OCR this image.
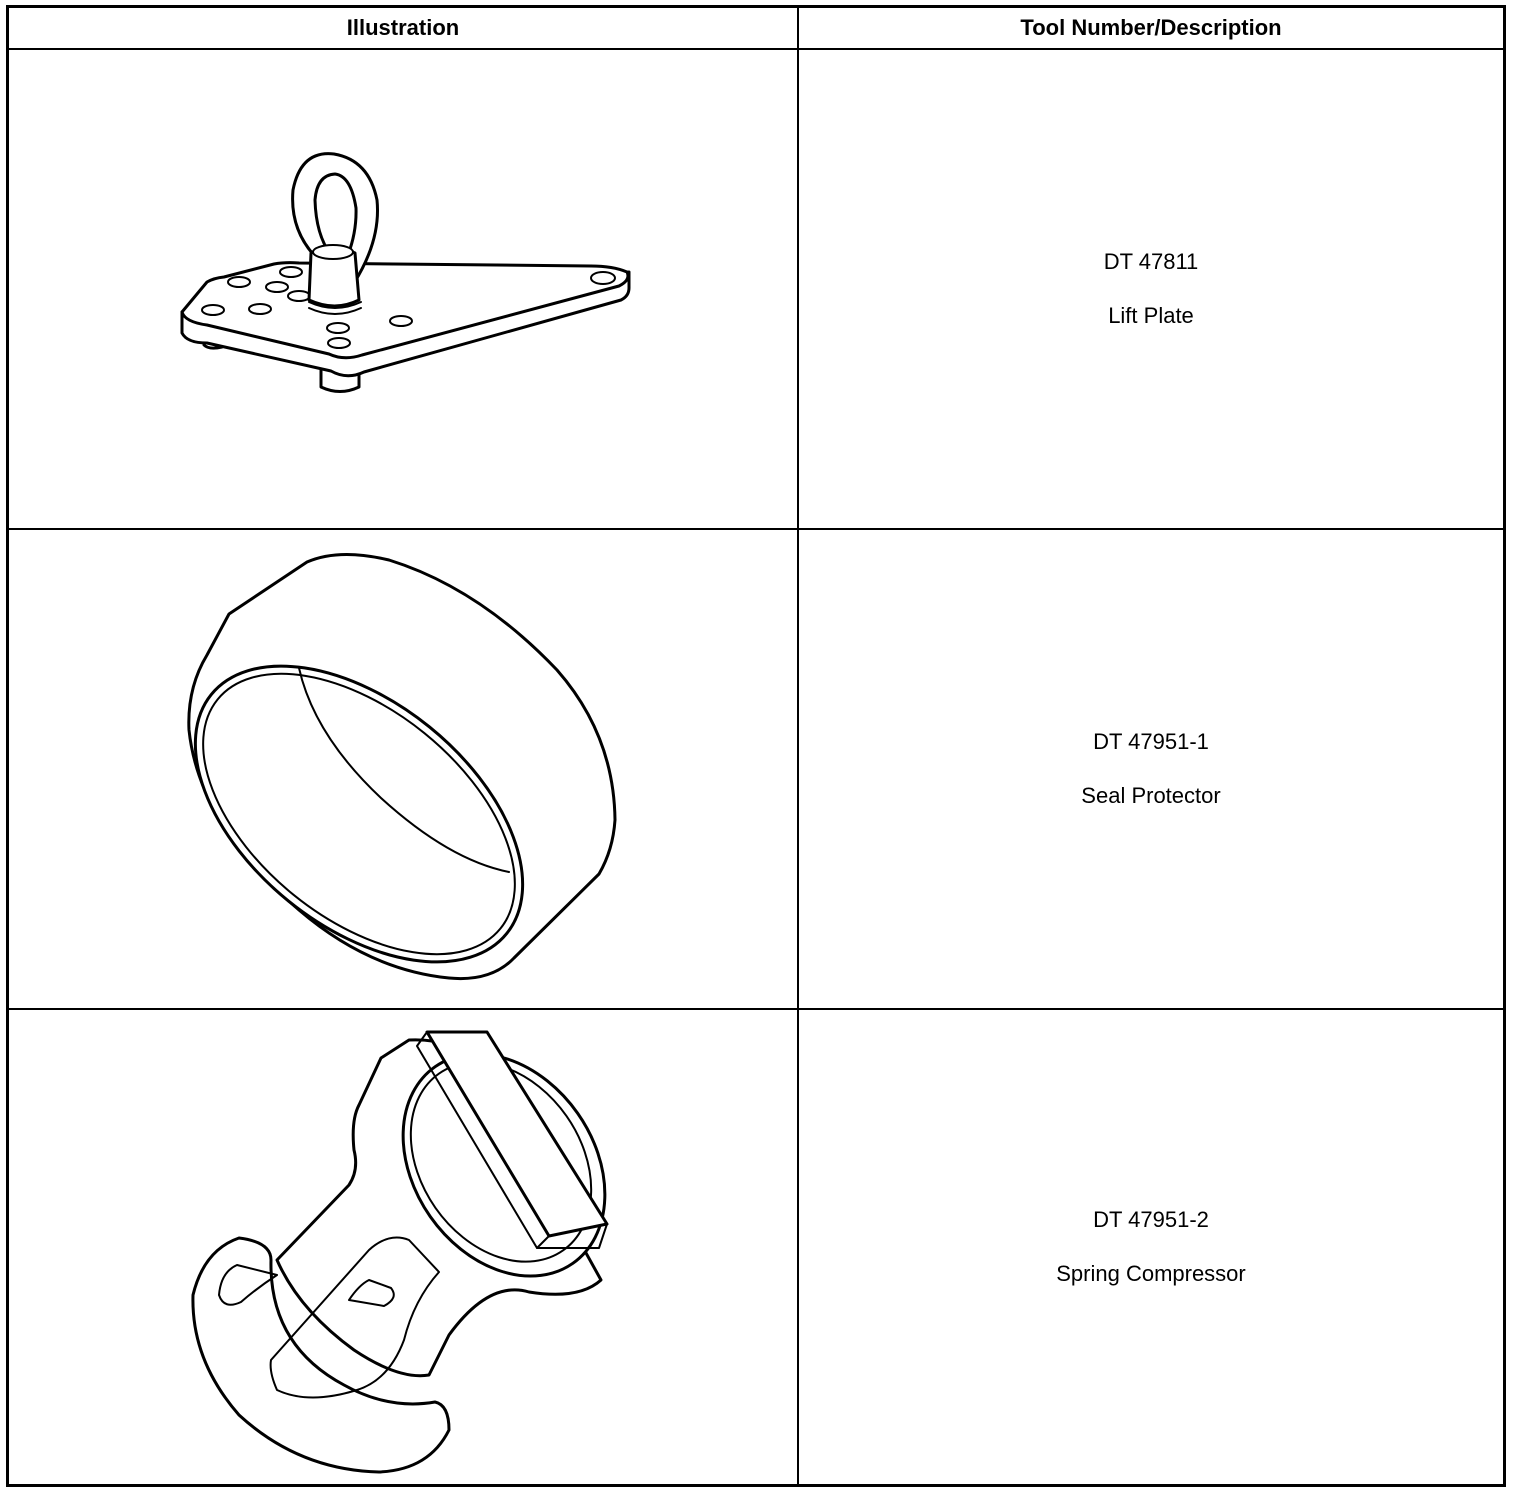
Illustration	Tool Number/Description
DT 47811
Lift Plate
DT 47951-1
Seal Protector
DT 47951-2
Spring Compressor
